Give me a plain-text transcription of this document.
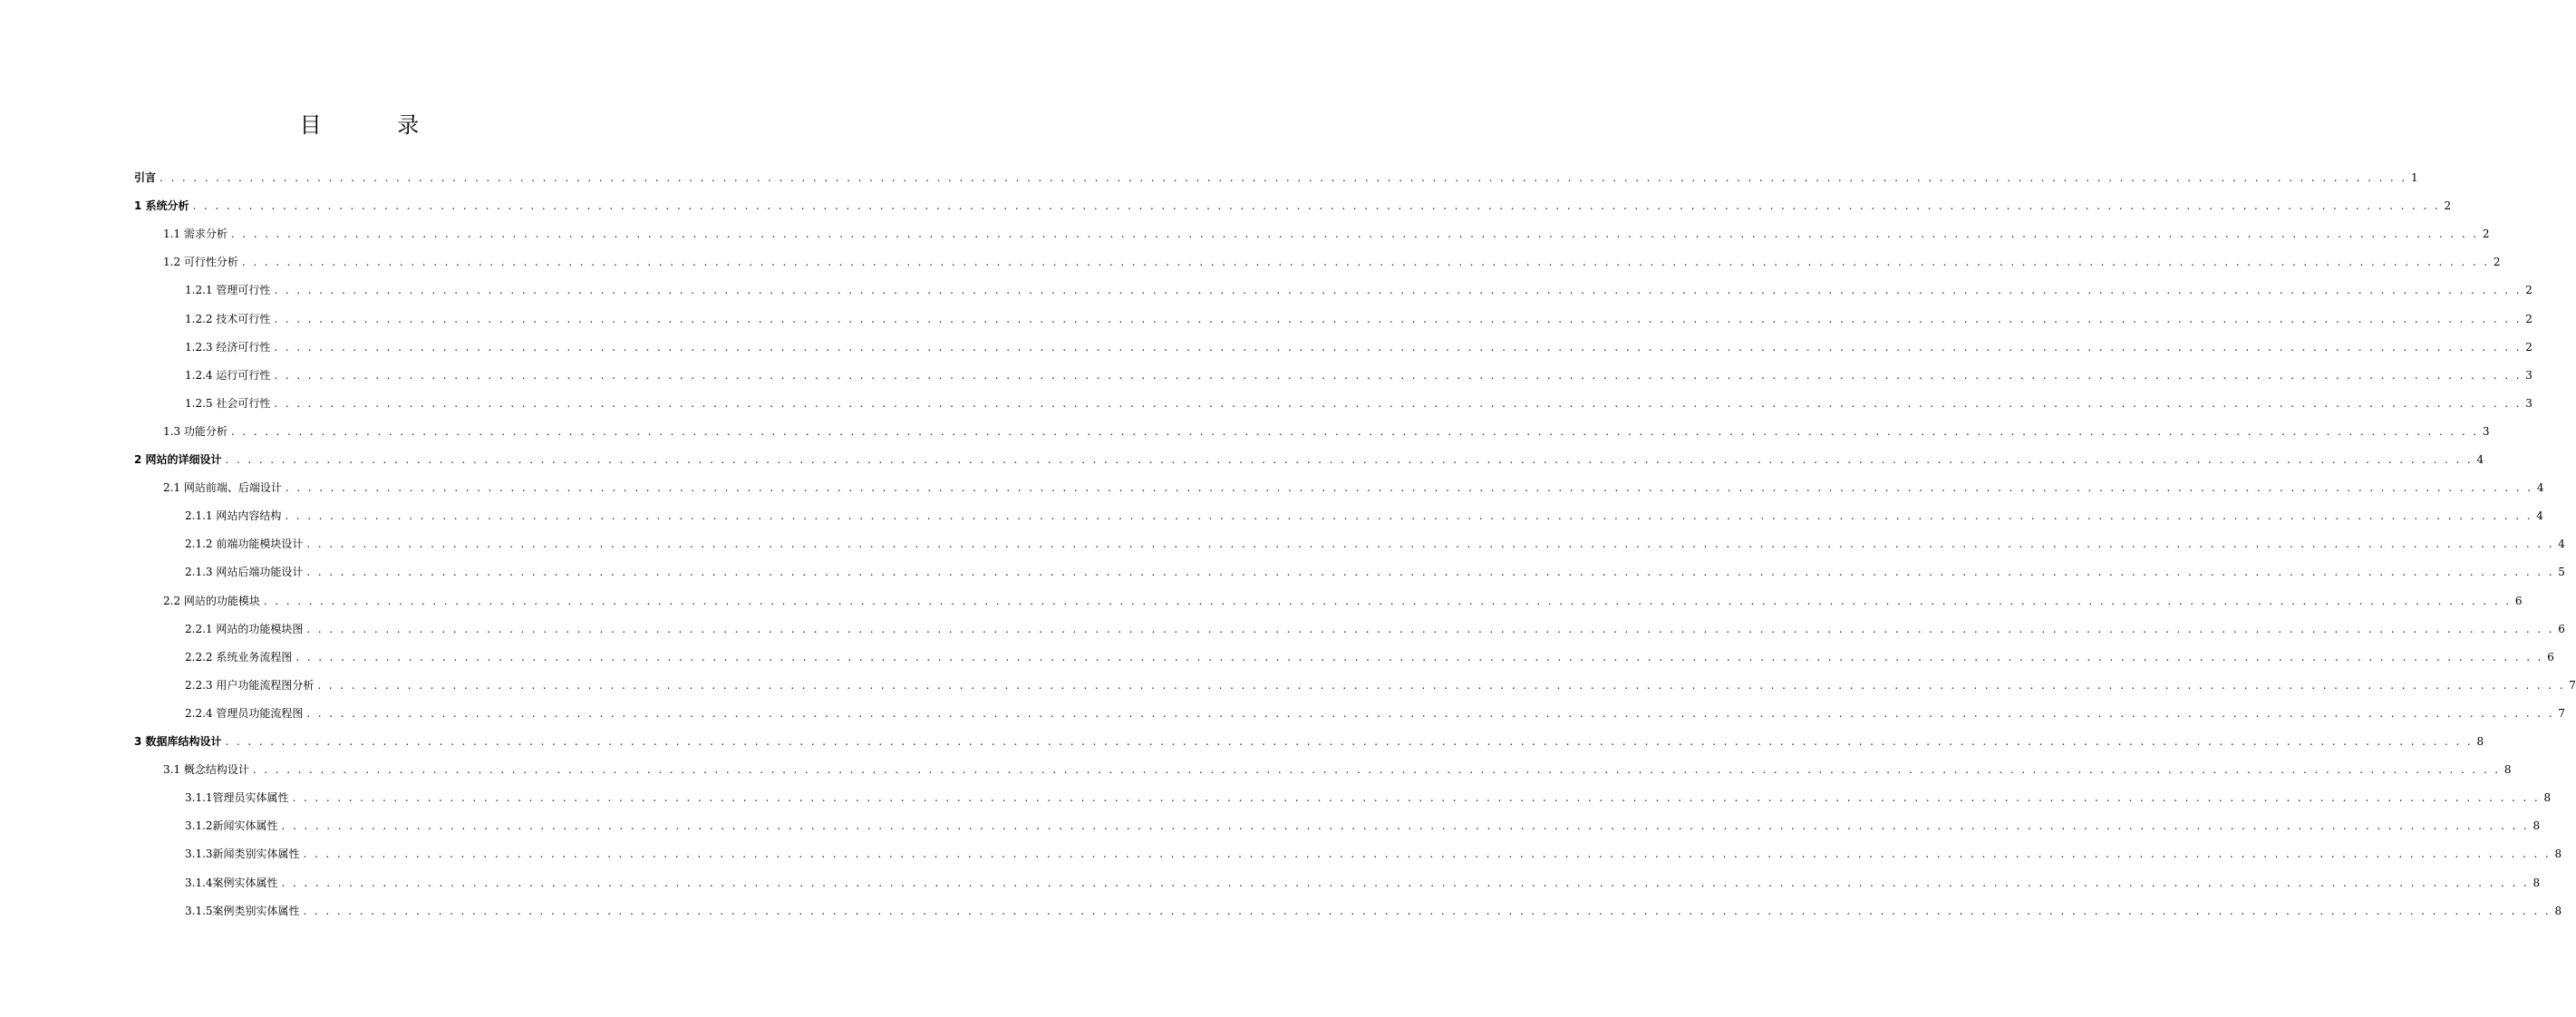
目 录
引言 . . . . . . . . . . . . . . . . . . . . . . . . . . . . . . . . . . . . . . . . . . . . . . . . . . . . . . . . . . . . . . . . . . . . . . . . . . . . . . . . . . . . . . . . . . . . . . . . . . . . . . . . . . . . . . . . . . . . . . . . . . . . . . . . . . . . . . . . . . . . . . . . . . . . . . . . . . . . . . . . . . . . . . . . . . . . . . . . . . . . . . . . . . . . . . . . . . . . . . . . 1
1 系统分析 . . . . . . . . . . . . . . . . . . . . . . . . . . . . . . . . . . . . . . . . . . . . . . . . . . . . . . . . . . . . . . . . . . . . . . . . . . . . . . . . . . . . . . . . . . . . . . . . . . . . . . . . . . . . . . . . . . . . . . . . . . . . . . . . . . . . . . . . . . . . . . . . . . . . . . . . . . . . . . . . . . . . . . . . . . . . . . . . . . . . . . . . . . . . . . . . . . . . . . . . 2
1.1 需求分析 . . . . . . . . . . . . . . . . . . . . . . . . . . . . . . . . . . . . . . . . . . . . . . . . . . . . . . . . . . . . . . . . . . . . . . . . . . . . . . . . . . . . . . . . . . . . . . . . . . . . . . . . . . . . . . . . . . . . . . . . . . . . . . . . . . . . . . . . . . . . . . . . . . . . . . . . . . . . . . . . . . . . . . . . . . . . . . . . . . . . . . . . . . . . . . . . . . . . . . . . 2
1.2 可行性分析 . . . . . . . . . . . . . . . . . . . . . . . . . . . . . . . . . . . . . . . . . . . . . . . . . . . . . . . . . . . . . . . . . . . . . . . . . . . . . . . . . . . . . . . . . . . . . . . . . . . . . . . . . . . . . . . . . . . . . . . . . . . . . . . . . . . . . . . . . . . . . . . . . . . . . . . . . . . . . . . . . . . . . . . . . . . . . . . . . . . . . . . . . . . . . . . . . . . . . . . . 2
1.2.1 管理可行性 . . . . . . . . . . . . . . . . . . . . . . . . . . . . . . . . . . . . . . . . . . . . . . . . . . . . . . . . . . . . . . . . . . . . . . . . . . . . . . . . . . . . . . . . . . . . . . . . . . . . . . . . . . . . . . . . . . . . . . . . . . . . . . . . . . . . . . . . . . . . . . . . . . . . . . . . . . . . . . . . . . . . . . . . . . . . . . . . . . . . . . . . . . . . . . . . . . . . . . . . 2
1.2.2 技术可行性 . . . . . . . . . . . . . . . . . . . . . . . . . . . . . . . . . . . . . . . . . . . . . . . . . . . . . . . . . . . . . . . . . . . . . . . . . . . . . . . . . . . . . . . . . . . . . . . . . . . . . . . . . . . . . . . . . . . . . . . . . . . . . . . . . . . . . . . . . . . . . . . . . . . . . . . . . . . . . . . . . . . . . . . . . . . . . . . . . . . . . . . . . . . . . . . . . . . . . . . . 2
1.2.3 经济可行性 . . . . . . . . . . . . . . . . . . . . . . . . . . . . . . . . . . . . . . . . . . . . . . . . . . . . . . . . . . . . . . . . . . . . . . . . . . . . . . . . . . . . . . . . . . . . . . . . . . . . . . . . . . . . . . . . . . . . . . . . . . . . . . . . . . . . . . . . . . . . . . . . . . . . . . . . . . . . . . . . . . . . . . . . . . . . . . . . . . . . . . . . . . . . . . . . . . . . . . . . 2
1.2.4 运行可行性 . . . . . . . . . . . . . . . . . . . . . . . . . . . . . . . . . . . . . . . . . . . . . . . . . . . . . . . . . . . . . . . . . . . . . . . . . . . . . . . . . . . . . . . . . . . . . . . . . . . . . . . . . . . . . . . . . . . . . . . . . . . . . . . . . . . . . . . . . . . . . . . . . . . . . . . . . . . . . . . . . . . . . . . . . . . . . . . . . . . . . . . . . . . . . . . . . . . . . . . . 3
1.2.5 社会可行性 . . . . . . . . . . . . . . . . . . . . . . . . . . . . . . . . . . . . . . . . . . . . . . . . . . . . . . . . . . . . . . . . . . . . . . . . . . . . . . . . . . . . . . . . . . . . . . . . . . . . . . . . . . . . . . . . . . . . . . . . . . . . . . . . . . . . . . . . . . . . . . . . . . . . . . . . . . . . . . . . . . . . . . . . . . . . . . . . . . . . . . . . . . . . . . . . . . . . . . . . 3
1.3 功能分析 . . . . . . . . . . . . . . . . . . . . . . . . . . . . . . . . . . . . . . . . . . . . . . . . . . . . . . . . . . . . . . . . . . . . . . . . . . . . . . . . . . . . . . . . . . . . . . . . . . . . . . . . . . . . . . . . . . . . . . . . . . . . . . . . . . . . . . . . . . . . . . . . . . . . . . . . . . . . . . . . . . . . . . . . . . . . . . . . . . . . . . . . . . . . . . . . . . . . . . . . 3
2 网站的详细设计 . . . . . . . . . . . . . . . . . . . . . . . . . . . . . . . . . . . . . . . . . . . . . . . . . . . . . . . . . . . . . . . . . . . . . . . . . . . . . . . . . . . . . . . . . . . . . . . . . . . . . . . . . . . . . . . . . . . . . . . . . . . . . . . . . . . . . . . . . . . . . . . . . . . . . . . . . . . . . . . . . . . . . . . . . . . . . . . . . . . . . . . . . . . . . . . . . . . . . . . . 4
2.1 网站前端、后端设计 . . . . . . . . . . . . . . . . . . . . . . . . . . . . . . . . . . . . . . . . . . . . . . . . . . . . . . . . . . . . . . . . . . . . . . . . . . . . . . . . . . . . . . . . . . . . . . . . . . . . . . . . . . . . . . . . . . . . . . . . . . . . . . . . . . . . . . . . . . . . . . . . . . . . . . . . . . . . . . . . . . . . . . . . . . . . . . . . . . . . . . . . . . . . . . . . . . . . . . . . 4
2.1.1 网站内容结构 . . . . . . . . . . . . . . . . . . . . . . . . . . . . . . . . . . . . . . . . . . . . . . . . . . . . . . . . . . . . . . . . . . . . . . . . . . . . . . . . . . . . . . . . . . . . . . . . . . . . . . . . . . . . . . . . . . . . . . . . . . . . . . . . . . . . . . . . . . . . . . . . . . . . . . . . . . . . . . . . . . . . . . . . . . . . . . . . . . . . . . . . . . . . . . . . . . . . . . . . 4
2.1.2 前端功能模块设计 . . . . . . . . . . . . . . . . . . . . . . . . . . . . . . . . . . . . . . . . . . . . . . . . . . . . . . . . . . . . . . . . . . . . . . . . . . . . . . . . . . . . . . . . . . . . . . . . . . . . . . . . . . . . . . . . . . . . . . . . . . . . . . . . . . . . . . . . . . . . . . . . . . . . . . . . . . . . . . . . . . . . . . . . . . . . . . . . . . . . . . . . . . . . . . . . . . . . . . . . 4
2.1.3 网站后端功能设计 . . . . . . . . . . . . . . . . . . . . . . . . . . . . . . . . . . . . . . . . . . . . . . . . . . . . . . . . . . . . . . . . . . . . . . . . . . . . . . . . . . . . . . . . . . . . . . . . . . . . . . . . . . . . . . . . . . . . . . . . . . . . . . . . . . . . . . . . . . . . . . . . . . . . . . . . . . . . . . . . . . . . . . . . . . . . . . . . . . . . . . . . . . . . . . . . . . . . . . . . 5
2.2 网站的功能模块 . . . . . . . . . . . . . . . . . . . . . . . . . . . . . . . . . . . . . . . . . . . . . . . . . . . . . . . . . . . . . . . . . . . . . . . . . . . . . . . . . . . . . . . . . . . . . . . . . . . . . . . . . . . . . . . . . . . . . . . . . . . . . . . . . . . . . . . . . . . . . . . . . . . . . . . . . . . . . . . . . . . . . . . . . . . . . . . . . . . . . . . . . . . . . . . . . . . . . . . . 6
2.2.1 网站的功能模块图 . . . . . . . . . . . . . . . . . . . . . . . . . . . . . . . . . . . . . . . . . . . . . . . . . . . . . . . . . . . . . . . . . . . . . . . . . . . . . . . . . . . . . . . . . . . . . . . . . . . . . . . . . . . . . . . . . . . . . . . . . . . . . . . . . . . . . . . . . . . . . . . . . . . . . . . . . . . . . . . . . . . . . . . . . . . . . . . . . . . . . . . . . . . . . . . . . . . . . . . . 6
2.2.2 系统业务流程图 . . . . . . . . . . . . . . . . . . . . . . . . . . . . . . . . . . . . . . . . . . . . . . . . . . . . . . . . . . . . . . . . . . . . . . . . . . . . . . . . . . . . . . . . . . . . . . . . . . . . . . . . . . . . . . . . . . . . . . . . . . . . . . . . . . . . . . . . . . . . . . . . . . . . . . . . . . . . . . . . . . . . . . . . . . . . . . . . . . . . . . . . . . . . . . . . . . . . . . . . 6
2.2.3 用户功能流程图分析 . . . . . . . . . . . . . . . . . . . . . . . . . . . . . . . . . . . . . . . . . . . . . . . . . . . . . . . . . . . . . . . . . . . . . . . . . . . . . . . . . . . . . . . . . . . . . . . . . . . . . . . . . . . . . . . . . . . . . . . . . . . . . . . . . . . . . . . . . . . . . . . . . . . . . . . . . . . . . . . . . . . . . . . . . . . . . . . . . . . . . . . . . . . . . . . . . . . . . . . . 7
2.2.4 管理员功能流程图 . . . . . . . . . . . . . . . . . . . . . . . . . . . . . . . . . . . . . . . . . . . . . . . . . . . . . . . . . . . . . . . . . . . . . . . . . . . . . . . . . . . . . . . . . . . . . . . . . . . . . . . . . . . . . . . . . . . . . . . . . . . . . . . . . . . . . . . . . . . . . . . . . . . . . . . . . . . . . . . . . . . . . . . . . . . . . . . . . . . . . . . . . . . . . . . . . . . . . . . . 7
3 数据库结构设计 . . . . . . . . . . . . . . . . . . . . . . . . . . . . . . . . . . . . . . . . . . . . . . . . . . . . . . . . . . . . . . . . . . . . . . . . . . . . . . . . . . . . . . . . . . . . . . . . . . . . . . . . . . . . . . . . . . . . . . . . . . . . . . . . . . . . . . . . . . . . . . . . . . . . . . . . . . . . . . . . . . . . . . . . . . . . . . . . . . . . . . . . . . . . . . . . . . . . . . . . 8
3.1 概念结构设计 . . . . . . . . . . . . . . . . . . . . . . . . . . . . . . . . . . . . . . . . . . . . . . . . . . . . . . . . . . . . . . . . . . . . . . . . . . . . . . . . . . . . . . . . . . . . . . . . . . . . . . . . . . . . . . . . . . . . . . . . . . . . . . . . . . . . . . . . . . . . . . . . . . . . . . . . . . . . . . . . . . . . . . . . . . . . . . . . . . . . . . . . . . . . . . . . . . . . . . . . 8
3.1.1管理员实体属性 . . . . . . . . . . . . . . . . . . . . . . . . . . . . . . . . . . . . . . . . . . . . . . . . . . . . . . . . . . . . . . . . . . . . . . . . . . . . . . . . . . . . . . . . . . . . . . . . . . . . . . . . . . . . . . . . . . . . . . . . . . . . . . . . . . . . . . . . . . . . . . . . . . . . . . . . . . . . . . . . . . . . . . . . . . . . . . . . . . . . . . . . . . . . . . . . . . . . . . . . 8
3.1.2新闻实体属性 . . . . . . . . . . . . . . . . . . . . . . . . . . . . . . . . . . . . . . . . . . . . . . . . . . . . . . . . . . . . . . . . . . . . . . . . . . . . . . . . . . . . . . . . . . . . . . . . . . . . . . . . . . . . . . . . . . . . . . . . . . . . . . . . . . . . . . . . . . . . . . . . . . . . . . . . . . . . . . . . . . . . . . . . . . . . . . . . . . . . . . . . . . . . . . . . . . . . . . . . 8
3.1.3新闻类别实体属性 . . . . . . . . . . . . . . . . . . . . . . . . . . . . . . . . . . . . . . . . . . . . . . . . . . . . . . . . . . . . . . . . . . . . . . . . . . . . . . . . . . . . . . . . . . . . . . . . . . . . . . . . . . . . . . . . . . . . . . . . . . . . . . . . . . . . . . . . . . . . . . . . . . . . . . . . . . . . . . . . . . . . . . . . . . . . . . . . . . . . . . . . . . . . . . . . . . . . . . . . 8
3.1.4案例实体属性 . . . . . . . . . . . . . . . . . . . . . . . . . . . . . . . . . . . . . . . . . . . . . . . . . . . . . . . . . . . . . . . . . . . . . . . . . . . . . . . . . . . . . . . . . . . . . . . . . . . . . . . . . . . . . . . . . . . . . . . . . . . . . . . . . . . . . . . . . . . . . . . . . . . . . . . . . . . . . . . . . . . . . . . . . . . . . . . . . . . . . . . . . . . . . . . . . . . . . . . . 8
3.1.5案例类别实体属性 . . . . . . . . . . . . . . . . . . . . . . . . . . . . . . . . . . . . . . . . . . . . . . . . . . . . . . . . . . . . . . . . . . . . . . . . . . . . . . . . . . . . . . . . . . . . . . . . . . . . . . . . . . . . . . . . . . . . . . . . . . . . . . . . . . . . . . . . . . . . . . . . . . . . . . . . . . . . . . . . . . . . . . . . . . . . . . . . . . . . . . . . . . . . . . . . . . . . . . . . 8
